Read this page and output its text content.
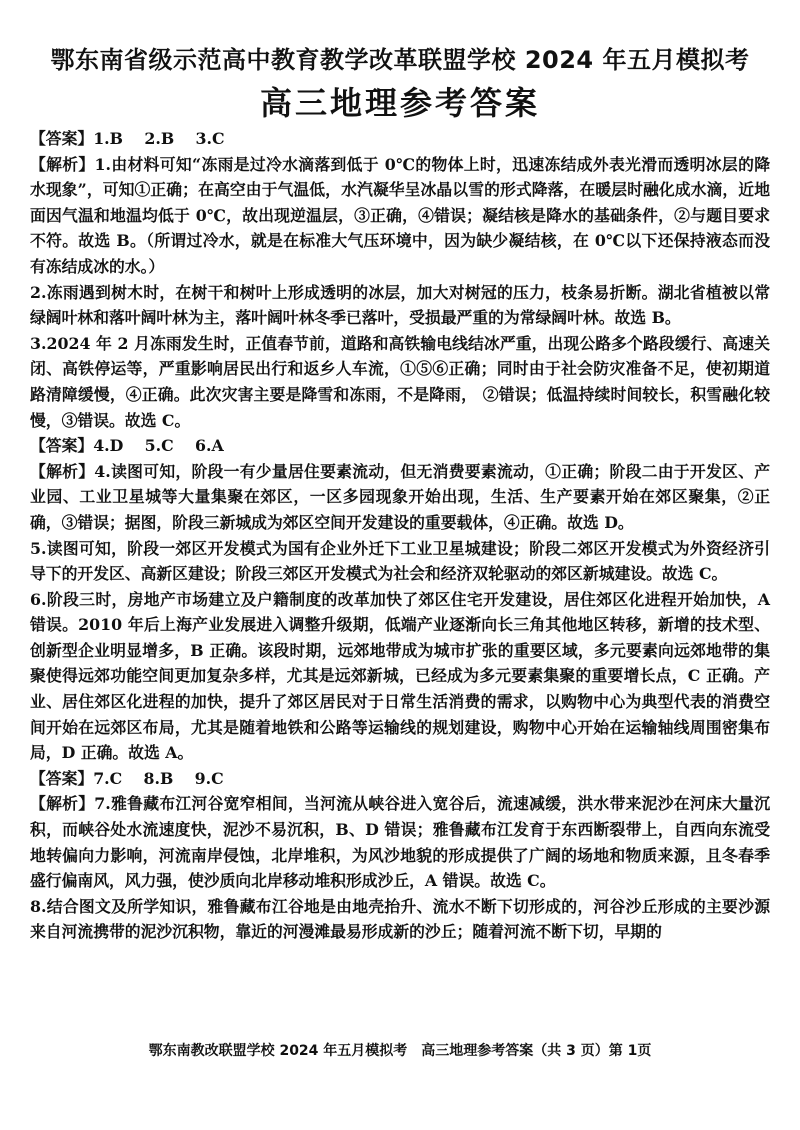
鄂东南省级示范高中教育教学改革联盟学校 2024 年五月模拟考
高三地理参考答案

【答案】1.B　 2.B　 3.C

【解析】1.由材料可知“冻雨是过冷水滴落到低于 0℃的物体上时，迅速冻结成外表光滑而透明冰层的降水现象”，可知①正确；在高空由于气温低，水汽凝华呈冰晶以雪的形式降落，在暖层时融化成水滴，近地面因气温和地温均低于 0℃，故出现逆温层，③正确，④错误；凝结核是降水的基础条件，②与题目要求不符。故选 B。（所谓过冷水，就是在标准大气压环境中，因为缺少凝结核，在 0℃以下还保持液态而没有冻结成冰的水。）

2.冻雨遇到树木时，在树干和树叶上形成透明的冰层，加大对树冠的压力，枝条易折断。湖北省植被以常绿阔叶林和落叶阔叶林为主，落叶阔叶林冬季已落叶，受损最严重的为常绿阔叶林。故选 B。

3.2024 年 2 月冻雨发生时，正值春节前，道路和高铁输电线结冰严重，出现公路多个路段缓行、高速关闭、高铁停运等，严重影响居民出行和返乡人车流，①⑤⑥正确；同时由于社会防灾准备不足，使初期道路清障缓慢，④正确。此次灾害主要是降雪和冻雨，不是降雨， ②错误；低温持续时间较长，积雪融化较慢，③错误。故选 C。

【答案】4.D　 5.C　 6.A

【解析】4.读图可知，阶段一有少量居住要素流动，但无消费要素流动，①正确；阶段二由于开发区、产业园、工业卫星城等大量集聚在郊区，一区多园现象开始出现，生活、生产要素开始在郊区聚集，②正确，③错误；据图，阶段三新城成为郊区空间开发建设的重要载体，④正确。故选 D。

5.读图可知，阶段一郊区开发模式为国有企业外迁下工业卫星城建设；阶段二郊区开发模式为外资经济引导下的开发区、高新区建设；阶段三郊区开发模式为社会和经济双轮驱动的郊区新城建设。故选 C。

6.阶段三时，房地产市场建立及户籍制度的改革加快了郊区住宅开发建设，居住郊区化进程开始加快，A 错误。2010 年后上海产业发展进入调整升级期，低端产业逐渐向长三角其他地区转移，新增的技术型、创新型企业明显增多，B 正确。该段时期，远郊地带成为城市扩张的重要区域，多元要素向远郊地带的集聚使得远郊功能空间更加复杂多样，尤其是远郊新城，已经成为多元要素集聚的重要增长点，C 正确。产业、居住郊区化进程的加快，提升了郊区居民对于日常生活消费的需求，以购物中心为典型代表的消费空间开始在远郊区布局，尤其是随着地铁和公路等运输线的规划建设，购物中心开始在运输轴线周围密集布局，D 正确。故选 A。

【答案】7.C　 8.B　 9.C

【解析】7.雅鲁藏布江河谷宽窄相间，当河流从峡谷进入宽谷后，流速减缓，洪水带来泥沙在河床大量沉积，而峡谷处水流速度快，泥沙不易沉积，B、D 错误；雅鲁藏布江发育于东西断裂带上，自西向东流受地转偏向力影响，河流南岸侵蚀，北岸堆积，为风沙地貌的形成提供了广阔的场地和物质来源，且冬春季盛行偏南风，风力强，使沙质向北岸移动堆积形成沙丘，A 错误。故选 C。

8.结合图文及所学知识，雅鲁藏布江谷地是由地壳抬升、流水不断下切形成的，河谷沙丘形成的主要沙源来自河流携带的泥沙沉积物，靠近的河漫滩最易形成新的沙丘；随着河流不断下切，早期的

鄂东南教改联盟学校 2024 年五月模拟考　高三地理参考答案（共 3 页）第 1页
